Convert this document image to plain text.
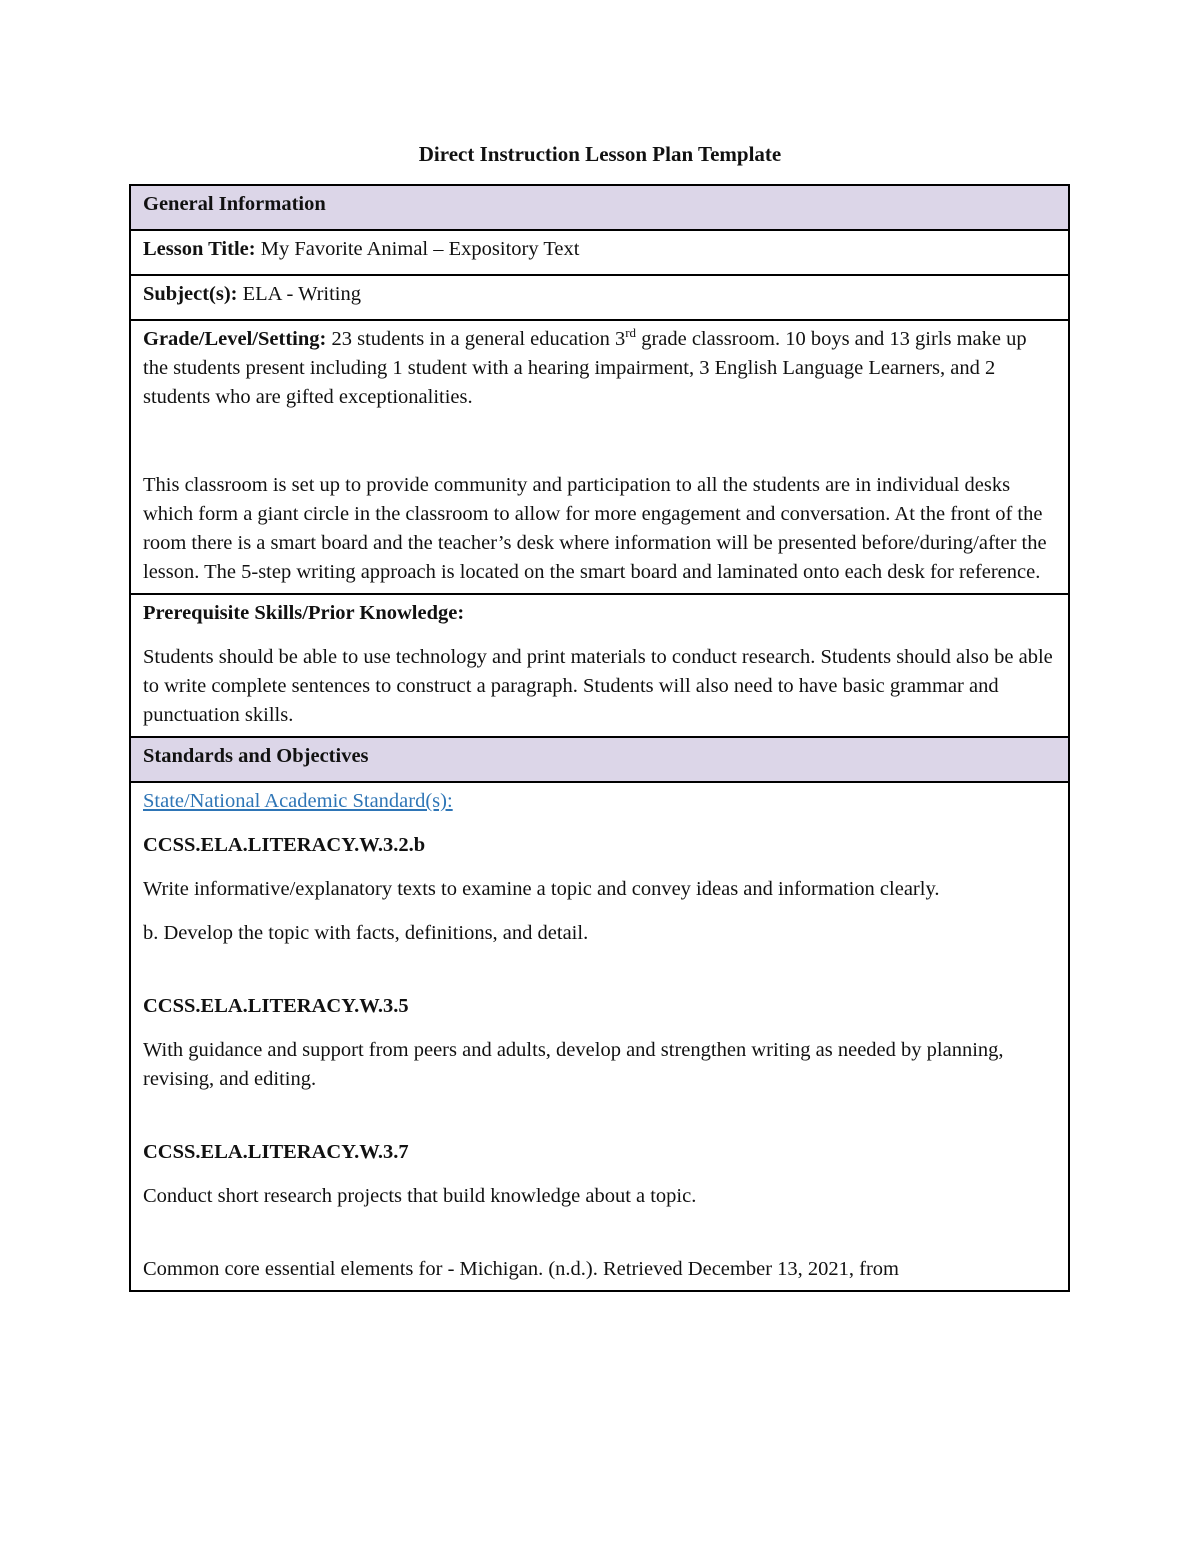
Direct Instruction Lesson Plan Template
General Information
Lesson Title: My Favorite Animal – Expository Text
Subject(s): ELA - Writing

Grade/Level/Setting: 23 students in a general education 3rd grade classroom. 10 boys and 13 girls make up the students present including 1 student with a hearing impairment, 3 English Language Learners, and 2 students who are gifted exceptionalities.

This classroom is set up to provide community and participation to all the students are in individual desks which form a giant circle in the classroom to allow for more engagement and conversation. At the front of the room there is a smart board and the teacher’s desk where information will be presented before/during/after the lesson. The 5-step writing approach is located on the smart board and laminated onto each desk for reference.

Prerequisite Skills/Prior Knowledge:

Students should be able to use technology and print materials to conduct research. Students should also be able to write complete sentences to construct a paragraph. Students will also need to have basic grammar and punctuation skills.

Standards and Objectives

State/National Academic Standard(s):

CCSS.ELA.LITERACY.W.3.2.b

Write informative/explanatory texts to examine a topic and convey ideas and information clearly.

b. Develop the topic with facts, definitions, and detail.

CCSS.ELA.LITERACY.W.3.5

With guidance and support from peers and adults, develop and strengthen writing as needed by planning, revising, and editing.

CCSS.ELA.LITERACY.W.3.7

Conduct short research projects that build knowledge about a topic.

Common core essential elements for - Michigan. (n.d.). Retrieved December 13, 2021, from
